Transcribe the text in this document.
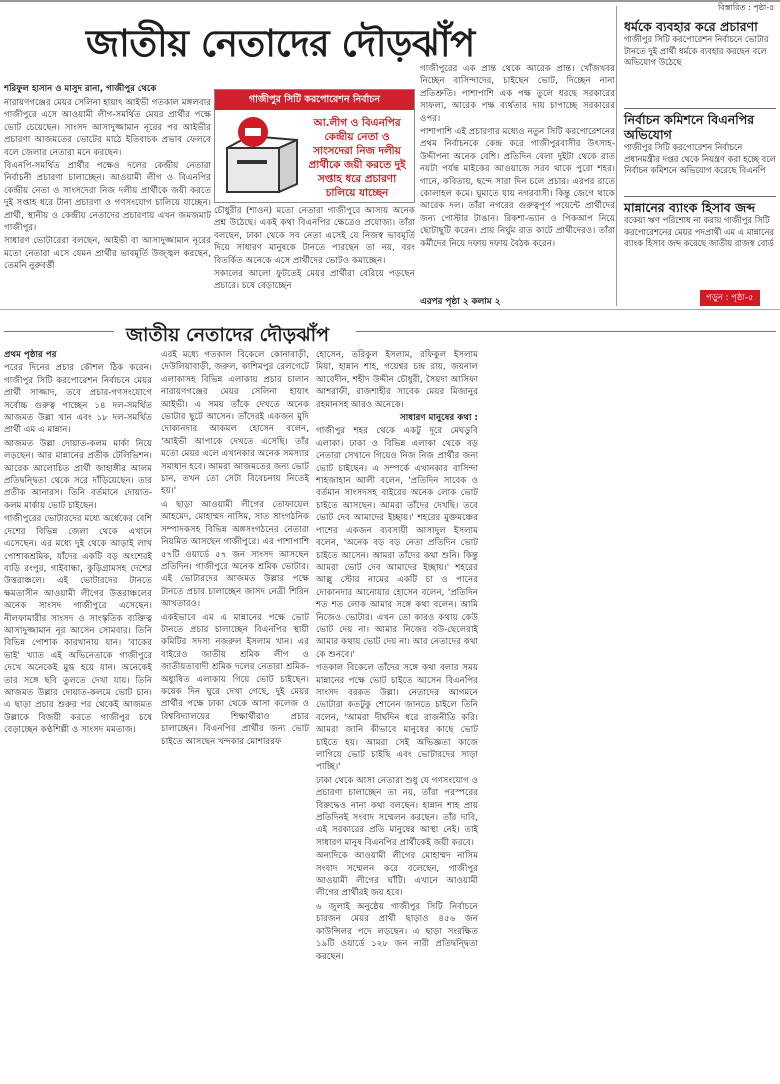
বিস্তারিত : পৃষ্ঠা-৫
জাতীয় নেতাদের দৌড়ঝাঁপ
শরিফুল হাসান ও মাসুদ রানা, গাজীপুর থেকে

নারায়ণগঞ্জের মেয়র সেলিনা হায়াৎ আইভী গতকাল মঙ্গলবার গাজীপুরে এসে আওয়ামী লীগ-সমর্থিত মেয়র প্রার্থীর পক্ষে ভোট চেয়েছেন। সাংসদ আসাদুজ্জামান নূরের পর আইভীর প্রচারণা আজমতের ভোটের মাঠে ইতিবাচক প্রভাব ফেলবে বলে জেলার নেতারা মনে করছেন।

বিএনপি-সমর্থিত প্রার্থীর পক্ষেও দলের কেন্দ্রীয় নেতারা নির্বাচনী প্রচারণা চালাচ্ছেন। আওয়ামী লীগ ও বিএনপির কেন্দ্রীয় নেতা ও সাংসদেরা নিজ দলীয় প্রার্থীকে জয়ী করতে দুই সপ্তাহ ধরে টানা প্রচারণা ও গণসংযোগ চালিয়ে যাচ্ছেন। প্রার্থী, স্থানীয় ও কেন্দ্রীয় নেতাদের প্রচারণায় এখন জমজমাট গাজীপুর।

সাধারণ ভোটারেরা বলছেন, আইভী বা আসাদুজ্জামান নূরের মতো নেতারা এসে যেমন প্রার্থীর ভাবমূর্তি উজ্জ্বল করছেন, তেমনি নুরুবর্ত্তী

গাজীপুর সিটি করপোরেশন নির্বাচন
আ.লীগ ও বিএনপির কেন্দ্রীয় নেতা ও সাংসদেরা নিজ দলীয় প্রার্থীকে জয়ী করতে দুই সপ্তাহ ধরে প্রচারণা চালিয়ে যাচ্ছেন

চৌধুরীর (শাওন) মতো নেতারা গাজীপুরে আসায় অনেক প্রশ্ন উঠেছে। একই কথা বিএনপির ক্ষেত্রেও প্রযোজ্য। তাঁরা বলছেন, ঢাকা থেকে সব নেতা এসেই যে নিজস্ব ভাবমূর্তি দিয়ে সাধারণ মানুষকে টানতে পারছেন তা নয়, বরং বিতর্কিত অনেকে এসে প্রার্থীদের ভোটও কমাচ্ছেন।

সকালের আলো ফুটতেই মেয়র প্রার্থীরা বেরিয়ে পড়ছেন প্রচারে। চষে বেড়াচ্ছেন

গাজীপুরের এক প্রান্ত থেকে আরেক প্রান্ত। খোঁজখবর নিচ্ছেন বাসিন্দাদের, চাইছেন ভোট, দিচ্ছেন নানা প্রতিশ্রুতি। পাশাপাশি এক পক্ষ তুলে ধরছে সরকারের সাফল্য, আরেক পক্ষ ব্যর্থতার দায় চাপাচ্ছে সরকারের ওপর।

পাশাপাশি এই প্রচারণার মধ্যেও নতুন সিটি করপোরেশনের প্রথম নির্বাচনকে কেন্দ্র করে গাজীপুরবাসীর উৎসাহ-উদ্দীপনা অনেক বেশি। প্রতিদিন বেলা দুইটা থেকে রাত নয়টা পর্যন্ত মাইকের আওয়াজে সরব থাকে পুরো শহর। গানে, কবিতায়, ছন্দে সারা দিন চলে প্রচার। এরপর রাতে কোলাহল কমে। ঘুমাতে যায় নগরবাসী। কিন্তু জেগে থাকে আরেক দল। তাঁরা নগরের গুরুত্বপূর্ণ পয়েন্টে প্রার্থীদের জন্য পোস্টার টাঙান। রিকশা-ভ্যান ও পিকআপ নিয়ে ছোটাছুটি করেন। প্রায় নির্ঘুম রাত কাটে প্রার্থীদেরও। তাঁরা কর্মীদের নিয়ে দফায় দফায় বৈঠক করেন।

এরপর পৃষ্ঠা ২ কলাম ২
ধর্মকে ব্যবহার করে প্রচারণা
গাজীপুর সিটি করপোরেশন নির্বাচনে ভোটার টানতে দুই প্রার্থী ধর্মকে ব্যবহার করছেন বলে অভিযোগ উঠেছে
নির্বাচন কমিশনে বিএনপির অভিযোগ
গাজীপুর সিটি করপোরেশন নির্বাচনে প্রধানমন্ত্রীর দপ্তর থেকে নিয়ন্ত্রণ করা হচ্ছে বলে নির্বাচন কমিশনে অভিযোগ করেছে বিএনপি
মান্নানের ব্যাংক হিসাব জব্দ
বকেয়া ঋণ পরিশোধ না করায় গাজীপুর সিটি করপোরেশনের মেয়র পদপ্রার্থী এম এ মান্নানের ব্যাংক হিসাব জব্দ করেছে জাতীয় রাজস্ব বোর্ড
পড়ুন : পৃষ্ঠা-৫
জাতীয় নেতাদের দৌড়ঝাঁপ

প্রথম পৃষ্ঠার পর

পরের দিনের প্রচার কৌশল ঠিক করেন। গাজীপুর সিটি করপোরেশন নির্বাচনে মেয়র প্রার্থী সাজ্জাদ, তবে প্রচার-গণসংযোগে সর্বোচ্চ গুরুত্ব পাচ্ছেন ১৪ দল-সমর্থিত আজমত উল্লা খান এবং ১৮ দল-সমর্থিত প্রার্থী এম এ মান্নান।

আজমত উল্লা দোয়াত-কলম মার্কা নিয়ে লড়ছেন। আর মান্নানের প্রতীক টেলিভিশন। আরেক আলোচিত প্রার্থী জাহাঙ্গীর আলম প্রতিদ্বন্দ্বিতা থেকে সরে দাঁড়িয়েছেন। তার প্রতীক আনারস। তিনি বর্তমানে দোয়াত-কলম মার্কায় ভোট চাইছেন।

গাজীপুরের ভোটারদের মধ্যে অর্ধেকের বেশি দেশের বিভিন্ন জেলা থেকে এখানে এসেছেন। এর মধ্যে দুই থেকে আড়াই লাখ পোশাকশ্রমিক, যাঁদের একটি বড় অংশেরই বাড়ি রংপুর, গাইবান্ধা, কুড়িগ্রামসহ দেশের উত্তরাঞ্চলে। এই ভোটারদের টানতে ক্ষমতাসীন আওয়ামী লীগের উত্তরাঞ্চলের অনেক সাংসদ গাজীপুরে এসেছেন। নীলফামারীর সাংসদ ও সাংস্কৃতিক ব্যক্তিত্ব আসাদুজ্জামান নূর আসেন সোমবার। তিনি বিভিন্ন পোশাক কারখানায় যান। 'বাকের ভাই' খ্যাত এই অভিনেতাকে গাজীপুরে দেখে অনেকেই মুগ্ধ হয়ে যান। অনেকেই তার সঙ্গে ছবি তুলতে দেখা যায়। তিনি আজমত উল্লার দোয়াত-কলমে ভোট চান। এ ছাড়া প্রচার শুরুর পর থেকেই আজমত উল্লাকে বিজয়ী করতে গাজীপুর চষে বেড়াচ্ছেন কণ্ঠশিল্পী ও সাংসদ মমতাজ।

এরই মধ্যে গতকাল বিকেলে কোনাবাড়ী, দেউলিয়াবাড়ী, জরুল, কাশিমপুর রেলগেটে এলাকাসহ বিভিন্ন এলাকায় প্রচার চালান নারায়ণগঞ্জের মেয়র সেলিনা হায়াৎ আইভী। এ সময় তাঁকে দেখতে অনেক ভোটার ছুটে আসেন। তাঁদেরই একজন মুদি দোকানদার আকমল হোসেন বলেন, 'আইভী আপাকে দেখতে এসেছি। তাঁর মতো মেয়র এলে এখানকার অনেক সমস্যার সমাধান হবে। আমরা আজমতের জন্য ভোট চান, তখন তো সেটা বিবেচনায় নিতেই হয়।'

এ ছাড়া আওয়ামী লীগের তোফায়েল আহমেদ, মোহাম্মদ নাসিম, সাত সাংগঠনিক সম্পাদকসহ বিভিন্ন অঙ্গসংগঠনের নেতারা নিয়মিত আসছেন গাজীপুরে। এর পাশাপাশি ৫৭টি ওয়ার্ডে ৫৭ জন সাংসদ আসছেন প্রতিদিন। গাজীপুরে অনেক শ্রমিক ভোটার। এই ভোটারদের আজমত উল্লার পক্ষে টানতে প্রচার চালাচ্ছেন জাসদ নেত্রী শিরিন আখতারও।

একইভাবে এম এ মান্নানের পক্ষে ভোট টানতে প্রচার চালাচ্ছেন বিএনপির স্থায়ী কমিটির সদস্য নজরুল ইসলাম খান। এর বাইরেও জাতীয় শ্রমিক লীগ ও জাতীয়তাবাদী শ্রমিক দলের নেতারা শ্রমিক-অধ্যুষিত এলাকায় গিয়ে ভোট চাইছেন। কয়েক দিন ঘুরে দেখা গেছে, দুই মেয়র প্রার্থীর পক্ষে ঢাকা থেকে আসা কলেজ ও বিশ্ববিদ্যালয়ের শিক্ষার্থীরাও প্রচার চালাচ্ছেন। বিএনপির প্রার্থীর জন্য ভোট চাইতে আসছেন খন্দকার মোশাররফ

হোসেন, তরিকুল ইসলাম, রফিকুল ইসলাম মিয়া, হান্নান শাহ, গয়েশ্বর চন্দ্র রায়, জয়নাল আবেদীন, শহীদ উদ্দীন চৌধুরী, সৈয়দা আসিফা আশরাফী, রাজশাহীর সাবেক মেয়র মিজানুর রহমানসহ আরও অনেকে।

সাধারণ মানুষের কথা :

গাজীপুর শহর থেকে একটু দূরে মেঘডুবি এলাকা। ঢাকা ও বিভিন্ন এলাকা থেকে বড় নেতারা সেখানে গিয়েও নিজ নিজ প্রার্থীর জন্য ভোট চাইছেন। এ সম্পর্কে এখানকার বাসিন্দা শাহজাহান আলী বলেন, 'প্রতিদিন সাবেক ও বর্তমান সাংসদসহ বাইরের অনেক লোক ভোট চাইতে আসছেন। আমরা তাঁদের দেখছি। তবে ভোট দেব আমাদের ইচ্ছায়।' শহরের মুক্তমঞ্চের পাশের একজন ব্যবসায়ী আসাদুল ইসলাম বলেন, 'অনেক বড় বড় নেতা প্রতিদিন ভোট চাইতে আসেন। আমরা তাঁদের কথা শুনি। কিন্তু আমরা ভোট দেব আমাদের ইচ্ছায়।' শহরের আল্লু স্টোর নামের একটি চা ও পানের দোকানদার আনোয়ার হোসেন বলেন, 'প্রতিদিন শত শত লোক আমার সঙ্গে কথা বলেন। আমি নিজেও ভোটার। এখন তো কারও কথায় কেউ ভোট দেয় না। আমার নিজের বউ-ছেলেরাই আমার কথায় ভোট দেয় না। আর নেতাদের কথা কে শুনবে।'

গতকাল বিকেলে তাঁদের সঙ্গে কথা বলার সময় মান্নানের পক্ষে ভোট চাইতে আসেন বিএনপির সাংসদ বরকত উল্লা। নেতাদের আগমনে ভোটারা কতটুকু শোনেন জানতে চাইলে তিনি বলেন, 'আমরা দীর্ঘদিন ধরে রাজনীতি করি। আমরা জানি কীভাবে মানুষের কাছে ভোট চাইতে হয়। আমরা সেই অভিজ্ঞতা কাজে লাগিয়ে ভোট চাইছি এবং ভোটারদের সাড়া পাচ্ছি।'

ঢাকা থেকে আসা নেতারা শুধু যে গণসংযোগ ও প্রচারণা চালাচ্ছেন তা নয়, তাঁরা পরস্পরের বিরুদ্ধেও নানা কথা বলছেন। হান্নান শাহ প্রায় প্রতিদিনই সংবাদ সম্মেলন করছেন। তাঁর দাবি, এই সরকারের প্রতি মানুষের আস্থা নেই। তাই সাধারণ মানুষ বিএনপির প্রার্থীকেই জয়ী করবে।

অন্যদিকে আওয়ামী লীগের মোহাম্মদ নাসিম সংবাদ সম্মেলন করে বলেছেন, গাজীপুর আওয়ামী লীগের ঘাঁটি। এখানে আওয়ামী লীগের প্রার্থীরই জয় হবে।

৬ জুলাই অনুষ্ঠেয় গাজীপুর সিটি নির্বাচনে চারজন মেয়র প্রার্থী ছাড়াও ৪৫৬ জন কাউন্সিলর পদে লড়ছেন। এ ছাড়া সংরক্ষিত ১৯টি ওয়ার্ডে ১২৮ জন নারী প্রতিদ্বন্দ্বিতা করছেন।
